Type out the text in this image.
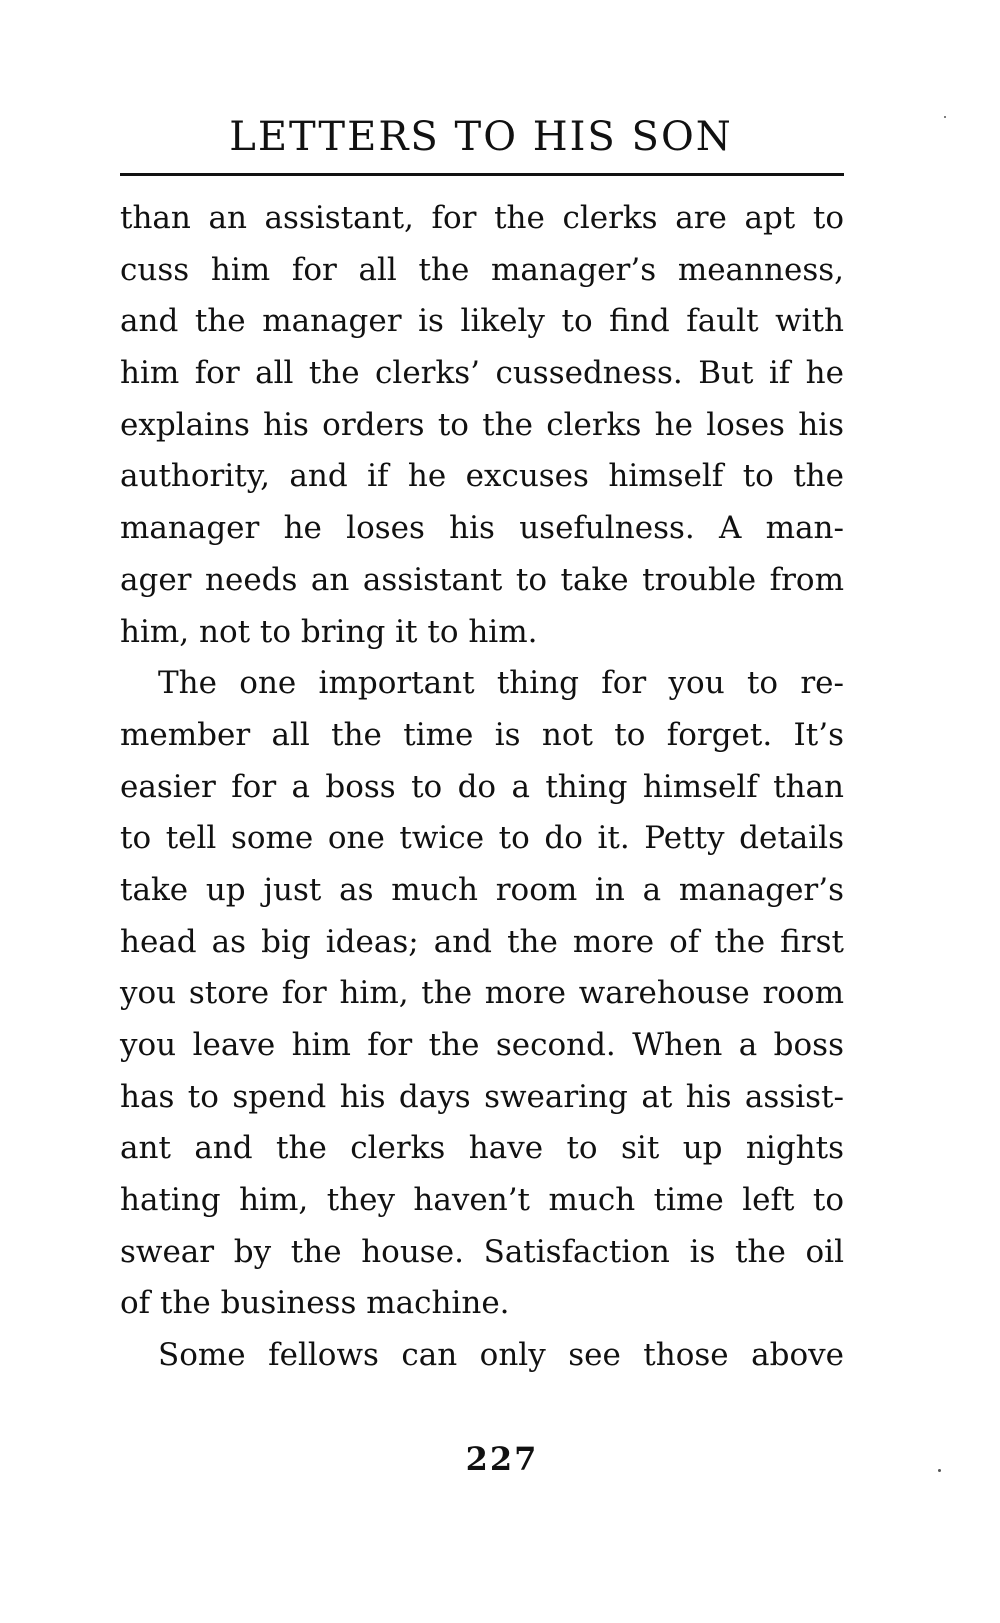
LETTERS TO HIS SON
than an assistant, for the clerks are apt to
cuss him for all the manager’s meanness,
and the manager is likely to find fault with
him for all the clerks’ cussedness. But if he
explains his orders to the clerks he loses his
authority, and if he excuses himself to the
manager he loses his usefulness. A man-
ager needs an assistant to take trouble from
him, not to bring it to him.
The one important thing for you to re-
member all the time is not to forget. It’s
easier for a boss to do a thing himself than
to tell some one twice to do it. Petty details
take up just as much room in a manager’s
head as big ideas; and the more of the first
you store for him, the more warehouse room
you leave him for the second. When a boss
has to spend his days swearing at his assist-
ant and the clerks have to sit up nights
hating him, they haven’t much time left to
swear by the house. Satisfaction is the oil
of the business machine.
Some fellows can only see those above
227
